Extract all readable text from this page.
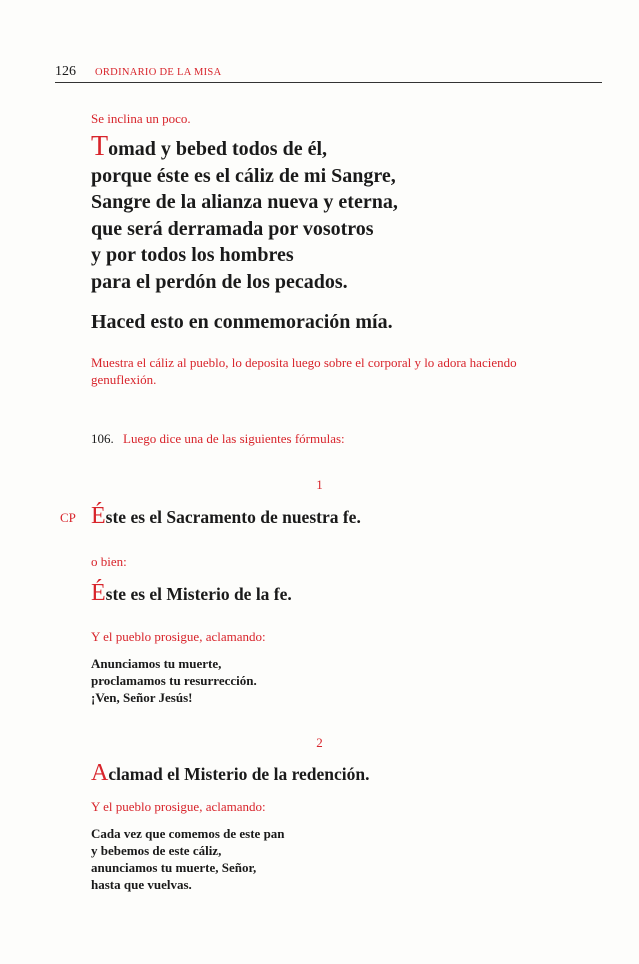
126 ORDINARIO DE LA MISA
Se inclina un poco.
Tomad y bebed todos de él,
porque éste es el cáliz de mi Sangre,
Sangre de la alianza nueva y eterna,
que será derramada por vosotros
y por todos los hombres
para el perdón de los pecados.
Haced esto en conmemoración mía.
Muestra el cáliz al pueblo, lo deposita luego sobre el corporal y lo adora haciendo
genuflexión.
106. Luego dice una de las siguientes fórmulas:
1
CP Éste es el Sacramento de nuestra fe.
o bien:
Éste es el Misterio de la fe.
Y el pueblo prosigue, aclamando:
Anunciamos tu muerte,
proclamamos tu resurrección.
¡Ven, Señor Jesús!
2
Aclamad el Misterio de la redención.
Y el pueblo prosigue, aclamando:
Cada vez que comemos de este pan
y bebemos de este cáliz,
anunciamos tu muerte, Señor,
hasta que vuelvas.
